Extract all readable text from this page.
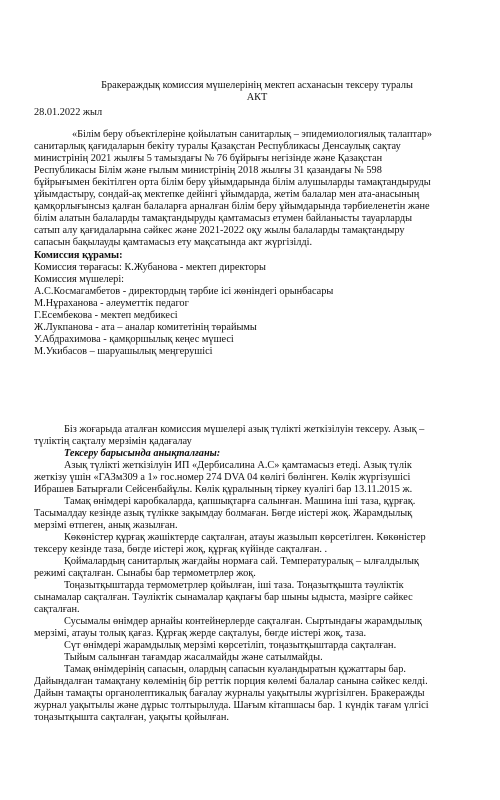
Бракераждық комиссия мүшелерінің мектеп асханасын тексеру туралы
АКТ
28.01.2022 жыл
«Білім беру объектілеріне қойылатын санитарлық – эпидемиологиялық талаптар»
санитарлық қағидаларын бекіту туралы Қазақстан Республикасы Денсаулық сақтау
министрінің 2021 жылғы 5 тамыздағы № 76 бұйрығы негізінде және Қазақстан
Республикасы Білім және ғылым министрінің 2018 жылғы 31 қазандағы № 598
бұйрығымен бекітілген орта білім беру ұйымдарында білім алушыларды тамақтандыруды
ұйымдастыру, сондай-ақ мектепке дейінгі ұйымдарда, жетім балалар мен ата-анасының
қамқорлығынсыз қалған балаларға арналған білім беру ұйымдарында тәрбиеленетін және
білім алатын балаларды тамақтандыруды қамтамасыз етумен байланысты тауарларды
сатып алу қағидаларына сәйкес және 2021-2022 оқу жылы балаларды тамақтандыру
сапасын бақылауды қамтамасыз ету мақсатында акт жүргізілді.
Комиссия құрамы:
Комиссия төрағасы: К.Жубанова - мектеп директоры
Комиссия мүшелері:
А.С.Космагамбетов - директордың тәрбие ісі жөніндегі орынбасары
М.Нұраханова - әлеуметтік педагог
Г.Есембекова - мектеп медбикесі
Ж.Лукпанова - ата – аналар комитетінің төрайымы
У.Абдрахимова - қамқоршылық кеңес мүшесі
М.Укибасов – шаруашылық меңгерушісі
Біз жоғарыда аталған комиссия мүшелері азық түлікті жеткізілуін тексеру. Азық –
түліктің сақталу мерзімін қадағалау
Тексеру барысында анықталғаны:
Азық түлікті жеткізілуін ИП «Дербисалина А.С» қамтамасыз етеді. Азық түлік
жеткізу үшін «ГАЗм309 а 1» гос.номер 274 DVA 04 көлігі бөлінген. Көлік жүргізушісі
Ибрашев Батырғали Сейсенбайұлы. Көлік құралының тіркеу куәлігі бар 13.11.2015 ж.
Тамақ өнімдері каробкаларда, қапшықтарға салынған. Машина іші таза, құрғақ.
Тасымалдау кезінде азық түлікке зақымдау болмаған. Бөгде иістері жоқ. Жарамдылық
мерзімі өтпеген, анық жазылған.
Көкөністер құрғақ жәшіктерде сақталған, атауы жазылып көрсетілген. Көкөністер
тексеру кезінде таза, бөгде иістері жоқ, құрғақ күйінде сақталған. .
Қоймалардың санитарлық жағдайы нормаға сай. Температуралық – ылғалдылық
режимі сақталған. Сынабы бар термометрлер жоқ.
Тоңазытқыштарда термометрлер қойылған, іші таза. Тоңазытқышта тәуліктік
сынамалар сақталған. Тәуліктік сынамалар қақпағы бар шыны ыдыста, мәзірге сәйкес
сақталған.
Сусымалы өнімдер арнайы контейнерлерде сақталған. Сыртындағы жарамдылық
мерзімі, атауы толық қағаз. Құрғақ жерде сақталуы, бөгде иістері жоқ, таза.
Сүт өнімдері жарамдылық мерзімі көрсетіліп, тоңазытқыштарда сақталған.
Тыйым салынған тағамдар жасалмайды және сатылмайды.
Тамақ өнімдерінің сапасын, олардың сапасын куәландыратын құжаттары бар.
Дайындалған тамақтану көлемінің бір реттік порция көлемі балалар санына сәйкес келді.
Дайын тамақты органолептикалық бағалау журналы уақытылы жүргізілген. Бракеражды
журнал уақытылы және дұрыс толтырылуда. Шағым кітапшасы бар. 1 күндік тағам үлгісі
тоңазытқышта сақталған, уақыты қойылған.
